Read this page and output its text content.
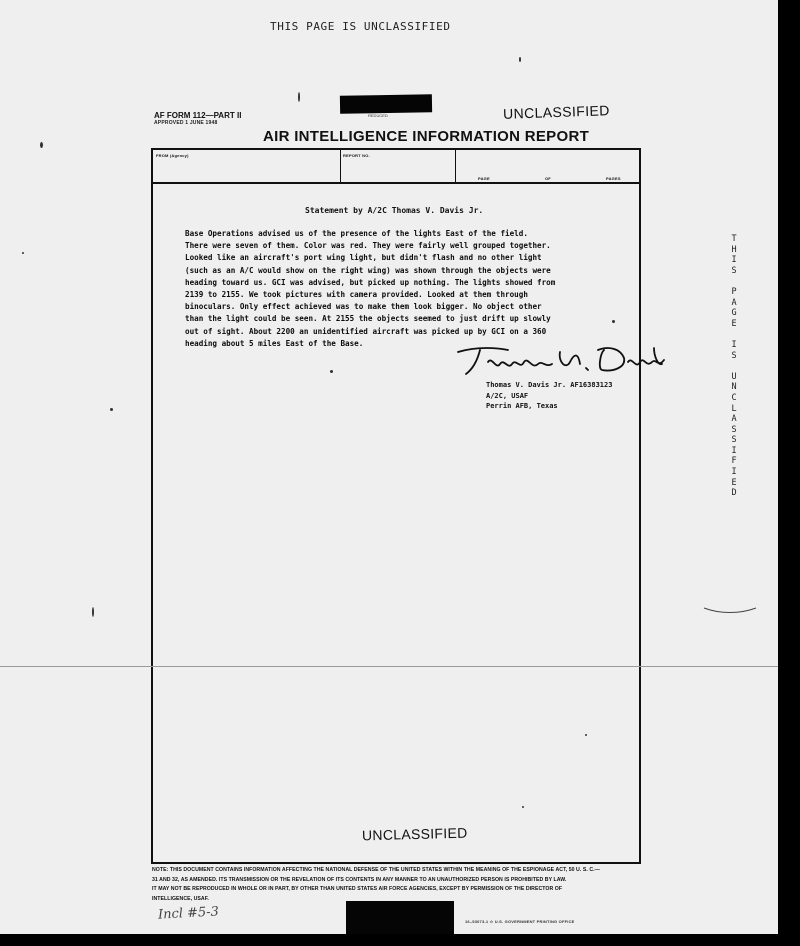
THIS PAGE IS UNCLASSIFIED
AF FORM 112—PART II
APPROVED 1 JUNE 1948
REDUCED	UNCLASSIFIED
AIR INTELLIGENCE INFORMATION REPORT
FROM (Agency)	REPORT NO.
PAGE	OF	PAGES
Statement by A/2C Thomas V. Davis Jr.
Base Operations advised us of the presence of the lights East of the field.
There were seven of them. Color was red. They were fairly well grouped together.
Looked like an aircraft's port wing light, but didn't flash and no other light
(such as an A/C would show on the right wing) was shown through the objects were
heading toward us. GCI was advised, but picked up nothing. The lights showed from
2139 to 2155. We took pictures with camera provided. Looked at them through
binoculars. Only effect achieved was to make them look bigger. No object other
than the light could be seen. At 2155 the objects seemed to just drift up slowly
out of sight. About 2200 an unidentified aircraft was picked up by GCI on a 360
heading about 5 miles East of the Base.
Thomas V. Davis Jr. AF16383123
A/2C, USAF
Perrin AFB, Texas
T
H
I
S

P
A
G
E

I
S

U
N
C
L
A
S
S
I
F
I
E
D
UNCLASSIFIED
NOTE: THIS DOCUMENT CONTAINS INFORMATION AFFECTING THE NATIONAL DEFENSE OF THE UNITED STATES WITHIN THE MEANING OF THE ESPIONAGE ACT, 50 U. S. C.—
31 AND 32, AS AMENDED. ITS TRANSMISSION OR THE REVELATION OF ITS CONTENTS IN ANY MANNER TO AN UNAUTHORIZED PERSON IS PROHIBITED BY LAW.
IT MAY NOT BE REPRODUCED IN WHOLE OR IN PART, BY OTHER THAN UNITED STATES AIR FORCE AGENCIES, EXCEPT BY PERMISSION OF THE DIRECTOR OF
INTELLIGENCE, USAF.
Incl #5-3	16–53073-1 ☆ U.S. GOVERNMENT PRINTING OFFICE
